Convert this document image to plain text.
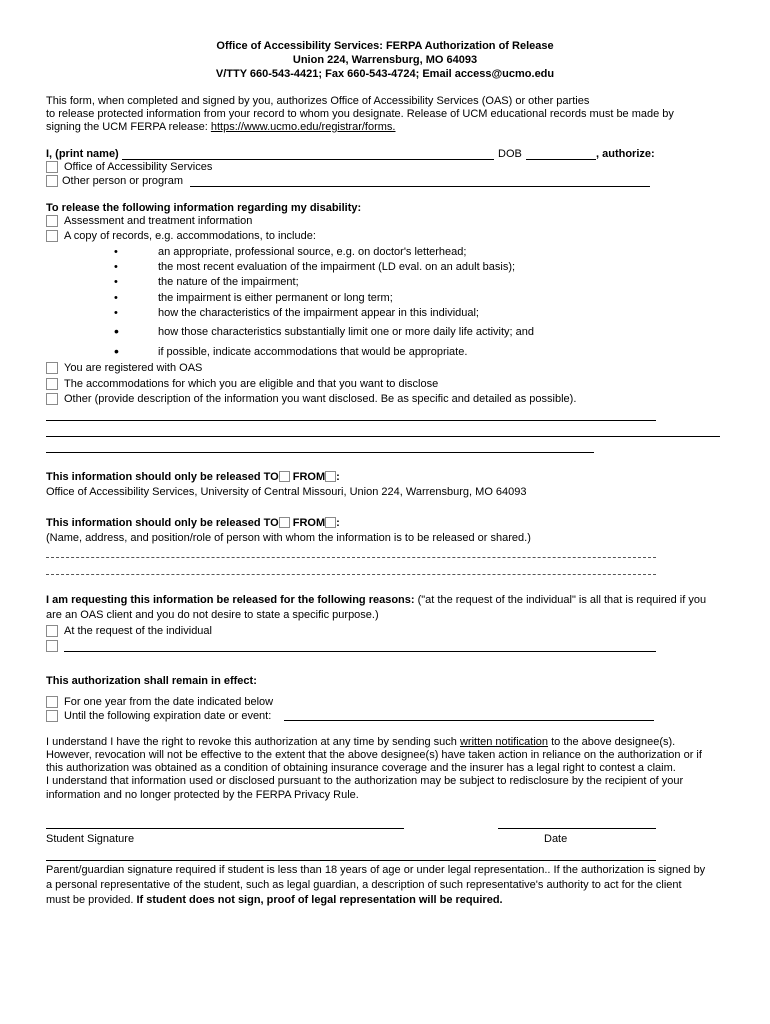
Office of Accessibility Services: FERPA Authorization of Release
Union 224, Warrensburg, MO 64093
V/TTY 660-543-4421; Fax 660-543-4724; Email access@ucmo.edu
This form, when completed and signed by you, authorizes Office of Accessibility Services (OAS) or other parties
to release protected information from your record to whom you designate. Release of UCM educational records must be made by
signing the UCM FERPA release: https://www.ucmo.edu/registrar/forms.
I, (print name)	DOB	, authorize:
Office of Accessibility Services
Other person or program
To release the following information regarding my disability:
Assessment and treatment information
A copy of records, e.g. accommodations, to include:
•	an appropriate, professional source, e.g. on doctor's letterhead;
•	the most recent evaluation of the impairment (LD eval. on an adult basis);
•	the nature of the impairment;
•	the impairment is either permanent or long term;
•	how the characteristics of the impairment appear in this individual;
•	how those characteristics substantially limit one or more daily life activity; and
•	if possible, indicate accommodations that would be appropriate.
You are registered with OAS
The accommodations for which you are eligible and that you want to disclose
Other (provide description of the information you want disclosed. Be as specific and detailed as possible).
This information should only be released TO FROM :
Office of Accessibility Services, University of Central Missouri, Union 224, Warrensburg, MO 64093
This information should only be released TO FROM :
(Name, address, and position/role of person with whom the information is to be released or shared.)
I am requesting this information be released for the following reasons: ("at the request of the individual" is all that is required if you
are an OAS client and you do not desire to state a specific purpose.)
At the request of the individual
This authorization shall remain in effect:
For one year from the date indicated below
Until the following expiration date or event:
I understand I have the right to revoke this authorization at any time by sending such written notification to the above designee(s).
However, revocation will not be effective to the extent that the above designee(s) have taken action in reliance on the authorization or if
this authorization was obtained as a condition of obtaining insurance coverage and the insurer has a legal right to contest a claim.
I understand that information used or disclosed pursuant to the authorization may be subject to redisclosure by the recipient of your
information and no longer protected by the FERPA Privacy Rule.
Student Signature	Date
Parent/guardian signature required if student is less than 18 years of age or under legal representation.. If the authorization is signed by
a personal representative of the student, such as legal guardian, a description of such representative's authority to act for the client
must be provided. If student does not sign, proof of legal representation will be required.
